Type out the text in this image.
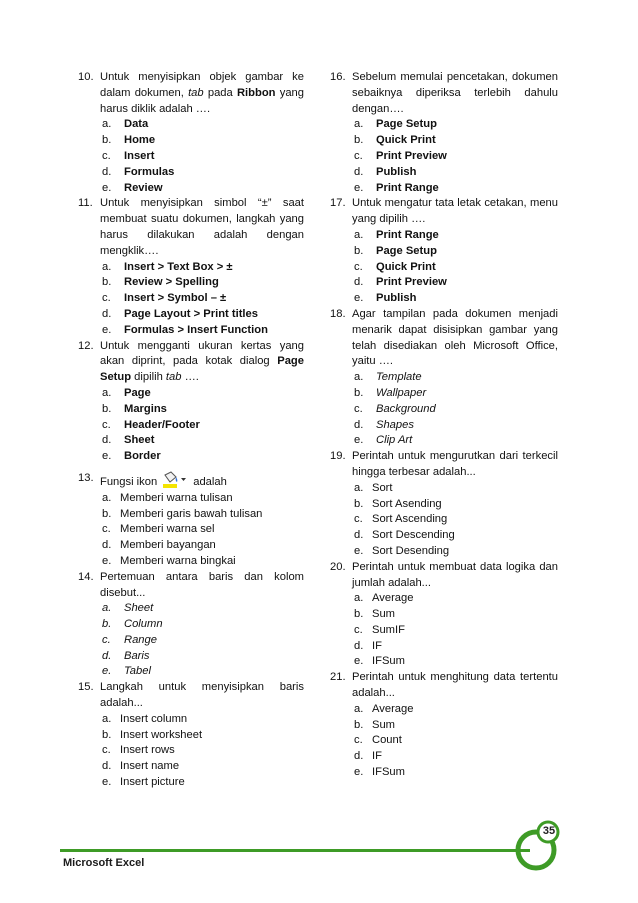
10. Untuk menyisipkan objek gambar ke dalam dokumen, tab pada Ribbon yang harus diklik adalah ….
a.	Data
b.	Home
c.	Insert
d.	Formulas
e.	Review
11. Untuk menyisipkan simbol “±” saat membuat suatu dokumen, langkah yang harus dilakukan adalah dengan mengklik….
a.	Insert > Text Box > ±
b.	Review > Spelling
c.	Insert > Symbol – ±
d.	Page Layout > Print titles
e.	Formulas > Insert Function
12. Untuk mengganti ukuran kertas yang akan diprint, pada kotak dialog Page Setup dipilih tab ….
a.	Page
b.	Margins
c.	Header/Footer
d.	Sheet
e.	Border
13. Fungsi ikon	adalah
a. Memberi warna tulisan
b. Memberi garis bawah tulisan
c. Memberi warna sel
d. Memberi bayangan
e. Memberi warna bingkai
14. Pertemuan antara baris dan kolom disebut...
a.	Sheet
b.	Column
c.	Range
d.	Baris
e.	Tabel
15. Langkah untuk menyisipkan baris adalah...
a. Insert column
b. Insert worksheet
c. Insert rows
d. Insert name
e. Insert picture
16. Sebelum memulai pencetakan, dokumen sebaiknya diperiksa terlebih dahulu dengan….
a.	Page Setup
b.	Quick Print
c.	Print Preview
d.	Publish
e.	Print Range
17. Untuk mengatur tata letak cetakan, menu yang dipilih ….
a.	Print Range
b.	Page Setup
c.	Quick Print
d.	Print Preview
e.	Publish
18. Agar tampilan pada dokumen menjadi menarik dapat disisipkan gambar yang telah disediakan oleh Microsoft Office, yaitu ….
a.	Template
b.	Wallpaper
c.	Background
d.	Shapes
e.	Clip Art
19. Perintah untuk mengurutkan dari terkecil hingga terbesar adalah...
a. Sort
b. Sort Asending
c. Sort Ascending
d. Sort Descending
e. Sort Desending
20. Perintah untuk membuat data logika dan jumlah adalah...
a. Average
b. Sum
c. SumIF
d. IF
e. IFSum
21. Perintah untuk menghitung data tertentu adalah...
a. Average
b. Sum
c. Count
d. IF
e. IFSum
35
Microsoft Excel
